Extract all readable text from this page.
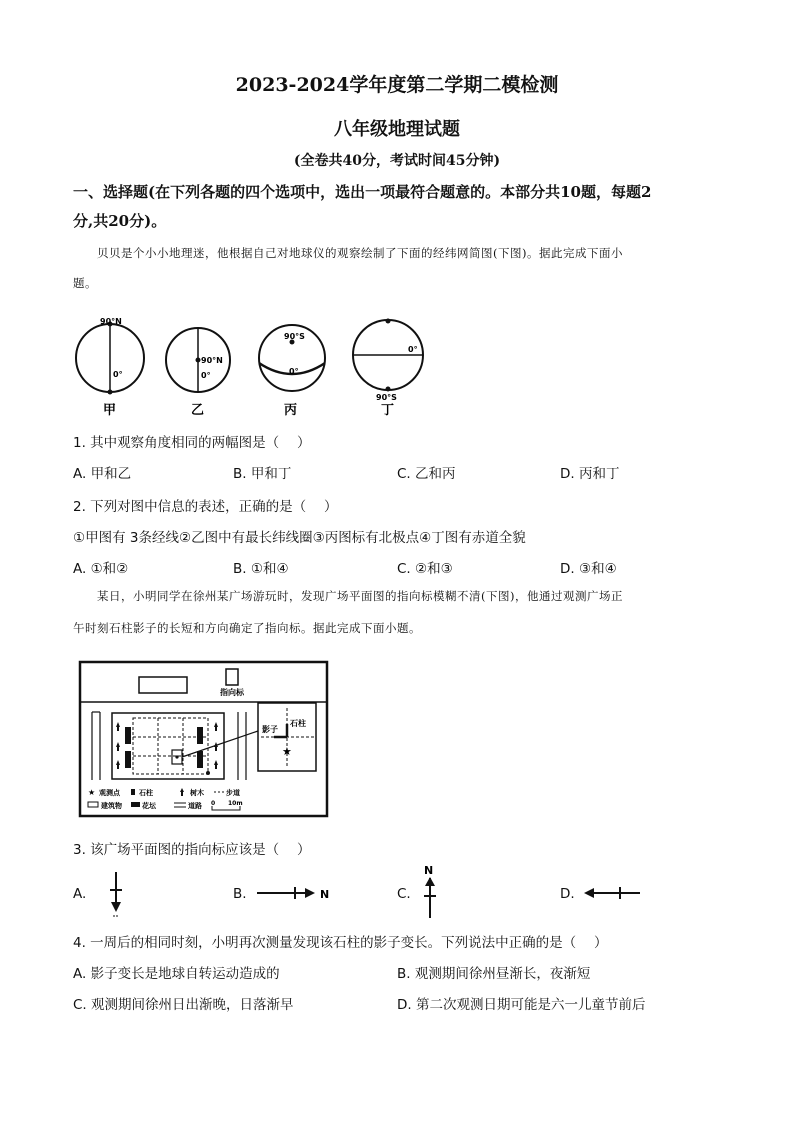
2023-2024学年度第二学期二模检测
八年级地理试题
(全卷共40分，考试时间45分钟)
一、选择题(在下列各题的四个选项中，选出一项最符合题意的。本部分共10题，每题2
分,共20分)。
贝贝是个小小地理迷，他根据自己对地球仪的观察绘制了下面的经纬网简图(下图)。据此完成下面小
题。
90°N
0°
甲
90°N
0°
乙
90°S
0°
丙
0°
90°S
丁
1. 其中观察角度相同的两幅图是（　 ）
A. 甲和乙	B. 甲和丁	C. 乙和丙	D. 丙和丁
2. 下列对图中信息的表述，正确的是（　 ）
①甲图有 3条经线②乙图中有最长纬线圈③丙图标有北极点④丁图有赤道全貌
A. ①和②	B. ①和④	C. ②和③	D. ③和④
某日，小明同学在徐州某广场游玩时，发现广场平面图的指向标模糊不清(下图)，他通过观测广场正
午时刻石柱影子的长短和方向确定了指向标。据此完成下面小题。
指向标
影子
石柱
★
★ 观测点	石柱	树木	步道
建筑物	花坛	道路 0 10m
3. 该广场平面图的指向标应该是（　 ）
A.	B.	N	C.
N
D.
4. 一周后的相同时刻，小明再次测量发现该石柱的影子变长。下列说法中正确的是（　 ）
A. 影子变长是地球自转运动造成的	B. 观测期间徐州昼渐长，夜渐短
C. 观测期间徐州日出渐晚，日落渐早	D. 第二次观测日期可能是六一儿童节前后
